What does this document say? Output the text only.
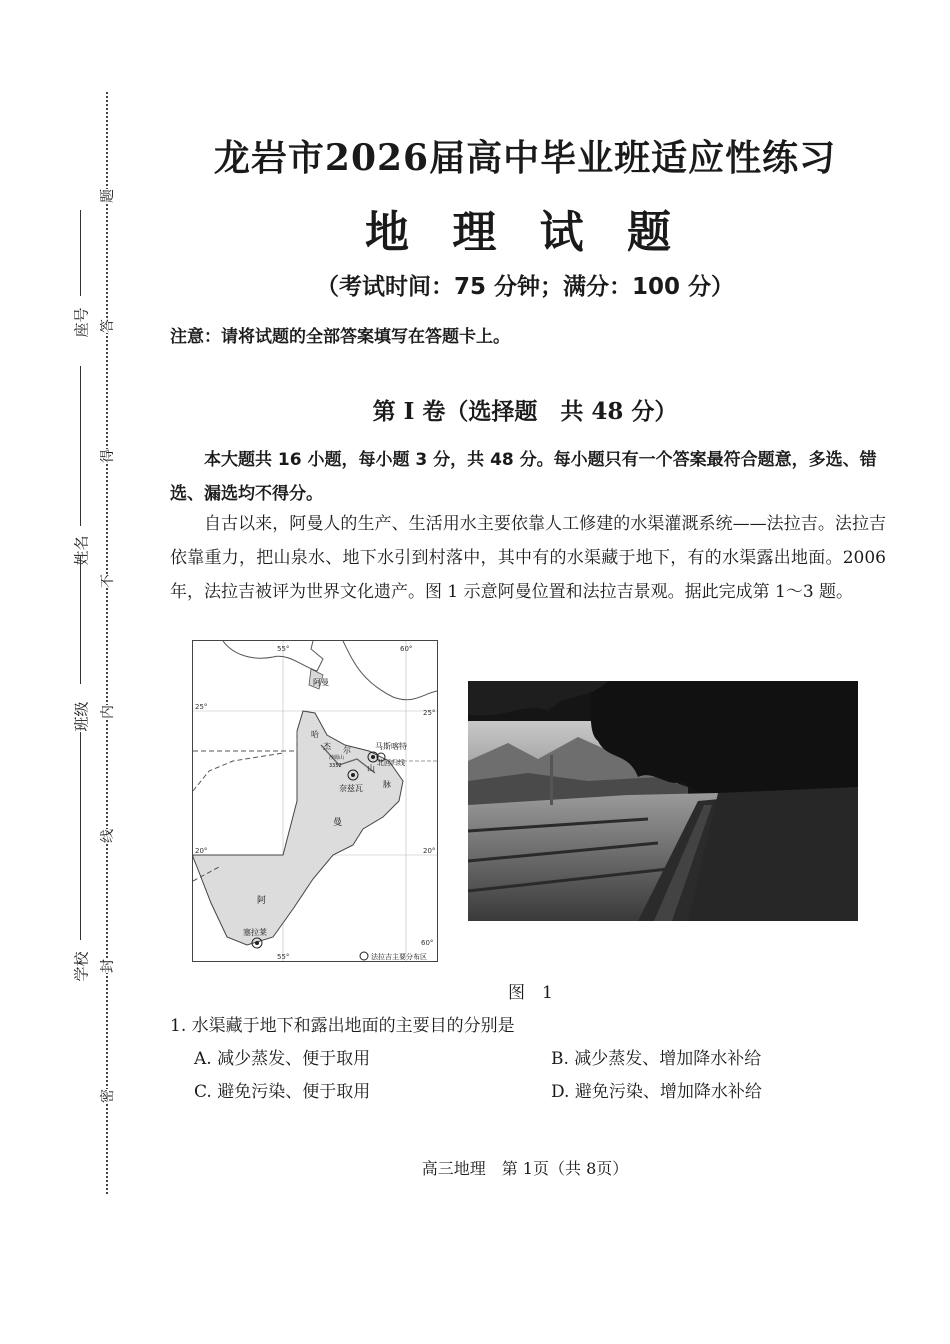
座号
姓名
班级
学校
题
答
得
不
内
线
封
密
龙岩市2026届高中毕业班适应性练习
地 理 试 题
（考试时间：75 分钟；满分：100 分）
注意：请将试题的全部答案填写在答题卡上。
第 I 卷（选择题　共 48 分）
本大题共 16 小题，每小题 3 分，共 48 分。每小题只有一个答案最符合题意，多选、错选、漏选均不得分。
自古以来，阿曼人的生产、生活用水主要依靠人工修建的水渠灌溉系统——法拉吉。法拉吉依靠重力，把山泉水、地下水引到村落中，其中有的水渠藏于地下，有的水渠露出地面。2006 年，法拉吉被评为世界文化遗产。图 1 示意阿曼位置和法拉吉景观。据此完成第 1～3 题。
55°	60°
25°
25°
20°	20°
55°
60°
阿曼
马斯喀特
北回归线
哈
杰 尔
山
脉
沙姆山
3352
奈兹瓦
曼
阿
塞拉莱
法拉吉主要分布区
图　1
1. 水渠藏于地下和露出地面的主要目的分别是
A. 减少蒸发、便于取用	B. 减少蒸发、增加降水补给
C. 避免污染、便于取用	D. 避免污染、增加降水补给
高三地理　第 1页（共 8页）
